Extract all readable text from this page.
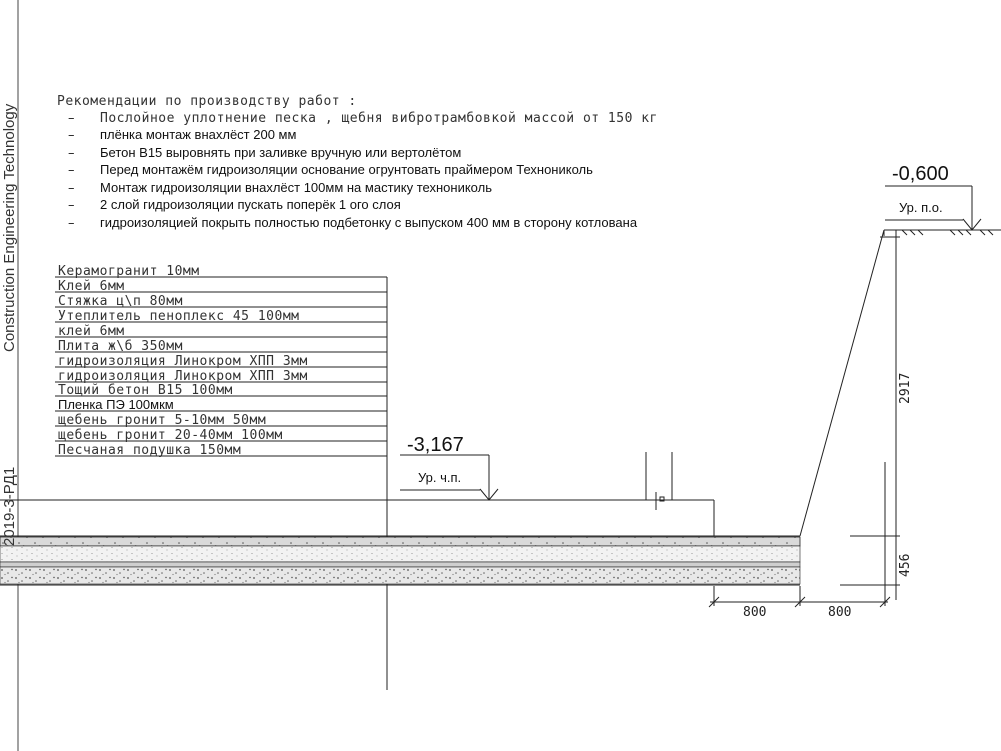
-3,167
Ур. ч.п.
-0,600
Ур. п.о.
2917
456
800	800
Рекомендации по производству работ :
– Послойное уплотнение песка , щебня вибротрамбовкой массой от 150 кг
– плёнка монтаж внахлёст 200 мм
– Бетон В15 выровнять при заливке вручную или вертолётом
– Перед монтажём гидроизоляции основание огрунтовать праймером Технониколь
– Монтаж гидроизоляции внахлёст 100мм на мастику технониколь
– 2 слой гидроизоляции пускать поперёк 1 ого слоя
– гидроизоляцией покрыть полностью подбетонку с выпуском 400 мм в сторону котлована
Керамогранит 10мм
Клей 6мм
Стяжка ц\п 80мм
Утеплитель пеноплекс 45 100мм
клей 6мм
Плита ж\б 350мм
гидроизоляция Линокром ХПП 3мм
гидроизоляция Линокром ХПП 3мм
Тощий бетон В15 100мм
Пленка ПЭ 100мкм
щебень гронит 5-10мм 50мм
щебень гронит 20-40мм 100мм
Песчаная подушка 150мм
Construction Engineering Technology
2019-3-РД1
